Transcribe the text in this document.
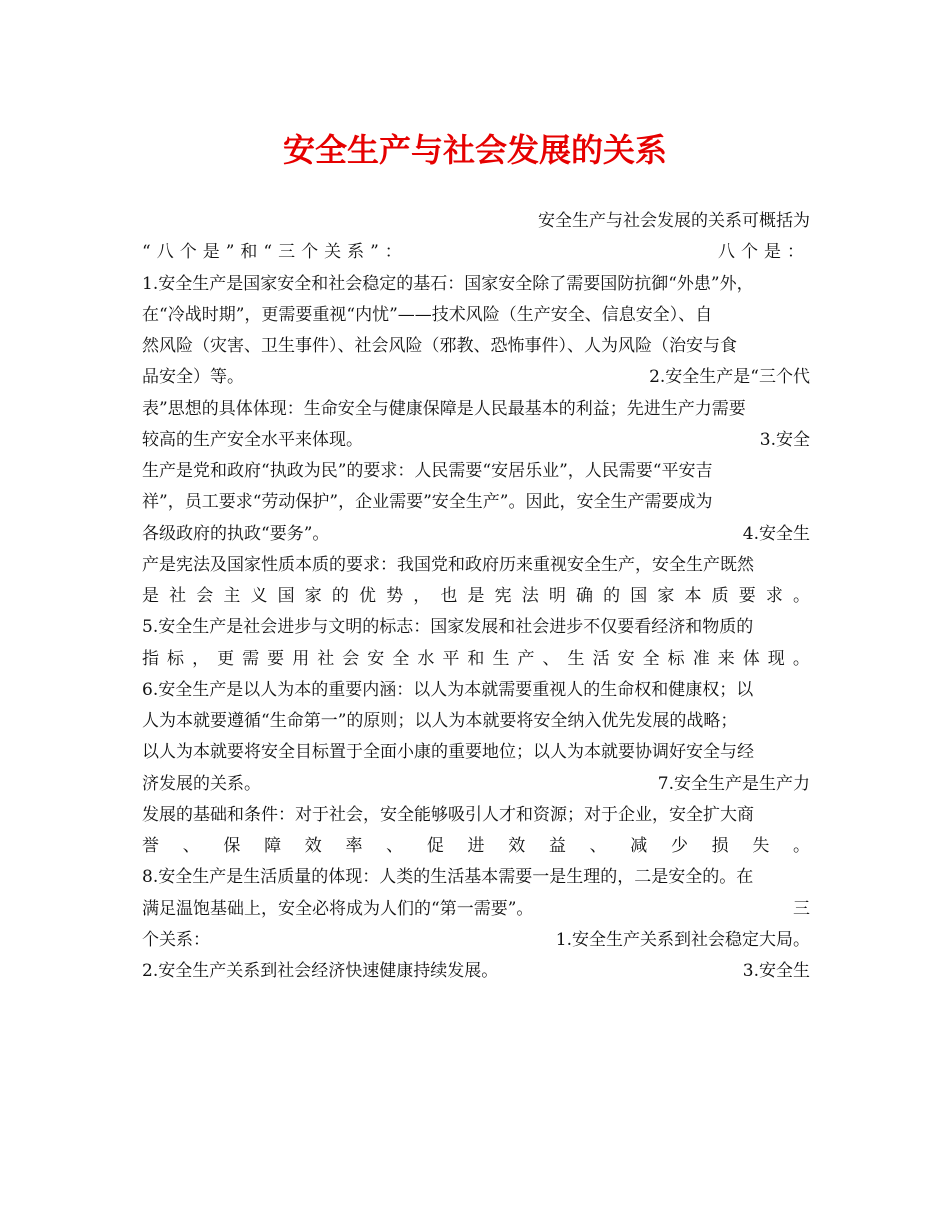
安全生产与社会发展的关系
安全生产与社会发展的关系可概括为
“八个是”和“三个关系”：	八个是：
1.安全生产是国家安全和社会稳定的基石：国家安全除了需要国防抗御“外患”外，
在“冷战时期”，更需要重视“内忧”——技术风险（生产安全、信息安全）、自
然风险（灾害、卫生事件）、社会风险（邪教、恐怖事件）、人为风险（治安与食
品安全）等。	2.安全生产是“三个代
表”思想的具体体现：生命安全与健康保障是人民最基本的利益；先进生产力需要
较高的生产安全水平来体现。	3.安全
生产是党和政府“执政为民”的要求：人民需要“安居乐业”，人民需要“平安吉
祥”，员工要求“劳动保护”，企业需要”安全生产”。因此，安全生产需要成为
各级政府的执政“要务”。	4.安全生
产是宪法及国家性质本质的要求：我国党和政府历来重视安全生产，安全生产既然
是 社 会 主 义 国 家 的 优 势 ， 也 是 宪 法 明 确 的 国 家 本 质 要 求 。
5.安全生产是社会进步与文明的标志：国家发展和社会进步不仅要看经济和物质的
指 标 ， 更 需 要 用 社 会 安 全 水 平 和 生 产 、 生 活 安 全 标 准 来 体 现 。
6.安全生产是以人为本的重要内涵：以人为本就需要重视人的生命权和健康权；以
人为本就要遵循“生命第一”的原则；以人为本就要将安全纳入优先发展的战略；
以人为本就要将安全目标置于全面小康的重要地位；以人为本就要协调好安全与经
济发展的关系。	7.安全生产是生产力
发展的基础和条件：对于社会，安全能够吸引人才和资源；对于企业，安全扩大商
誉 、 保 障 效 率 、 促 进 效 益 、 减 少 损 失 。
8.安全生产是生活质量的体现：人类的生活基本需要一是生理的，二是安全的。在
满足温饱基础上，安全必将成为人们的“第一需要”。	三
个关系：	1.安全生产关系到社会稳定大局。
2.安全生产关系到社会经济快速健康持续发展。	3.安全生
